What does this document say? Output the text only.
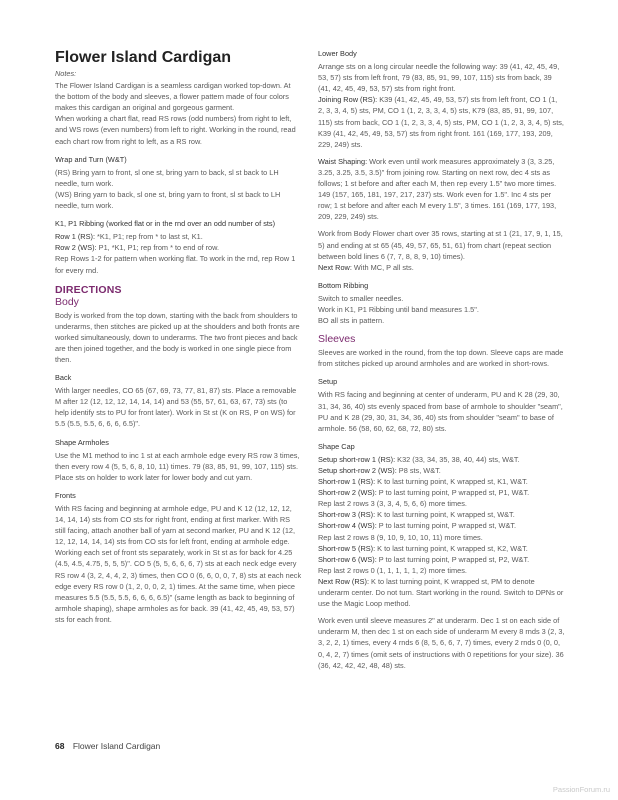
Flower Island Cardigan

Notes:

The Flower Island Cardigan is a seamless cardigan worked top-down. At the bottom of the body and sleeves, a flower pattern made of four colors makes this cardigan an original and gorgeous garment.

When working a chart flat, read RS rows (odd numbers) from right to left, and WS rows (even numbers) from left to right. Working in the round, read each chart row from right to left, as a RS row.

Wrap and Turn (W&T)

(RS) Bring yarn to front, sl one st, bring yarn to back, sl st back to LH needle, turn work.

(WS) Bring yarn to back, sl one st, bring yarn to front, sl st back to LH needle, turn work.

K1, P1 Ribbing (worked flat or in the rnd over an odd number of sts)

Row 1 (RS): *K1, P1; rep from * to last st, K1.

Row 2 (WS): P1, *K1, P1; rep from * to end of row.

Rep Rows 1-2 for pattern when working flat. To work in the rnd, rep Row 1 for every rnd.

DIRECTIONS
Body

Body is worked from the top down, starting with the back from shoulders to underarms, then stitches are picked up at the shoulders and both fronts are worked simultaneously, down to underarms. The two front pieces and back are then joined together, and the body is worked in one single piece from then.

Back

With larger needles, CO 65 (67, 69, 73, 77, 81, 87) sts. Place a removable M after 12 (12, 12, 12, 14, 14, 14) and 53 (55, 57, 61, 63, 67, 73) sts (to help identify sts to PU for front later). Work in St st (K on RS, P on WS) for 5.5 (5.5, 5.5, 6, 6, 6, 6.5)".

Shape Armholes

Use the M1 method to inc 1 st at each armhole edge every RS row 3 times, then every row 4 (5, 5, 6, 8, 10, 11) times. 79 (83, 85, 91, 99, 107, 115) sts.

Place sts on holder to work later for lower body and cut yarn.

Fronts

With RS facing and beginning at armhole edge, PU and K 12 (12, 12, 12, 14, 14, 14) sts from CO sts for right front, ending at first marker. With RS still facing, attach another ball of yarn at second marker, PU and K 12 (12, 12, 12, 14, 14, 14) sts from CO sts for left front, ending at armhole edge. Working each set of front sts separately, work in St st as for back for 4.25 (4.5, 4.5, 4.75, 5, 5, 5)". CO 5 (5, 5, 6, 6, 6, 7) sts at each neck edge every RS row 4 (3, 2, 4, 4, 2, 3) times, then CO 0 (6, 6, 0, 0, 7, 8) sts at each neck edge every RS row 0 (1, 2, 0, 0, 2, 1) times. At the same time, when piece measures 5.5 (5.5, 5.5, 6, 6, 6, 6.5)" (same length as back to beginning of armhole shaping), shape armholes as for back. 39 (41, 42, 45, 49, 53, 57) sts for each front.

Lower Body

Arrange sts on a long circular needle the following way: 39 (41, 42, 45, 49, 53, 57) sts from left front, 79 (83, 85, 91, 99, 107, 115) sts from back, 39 (41, 42, 45, 49, 53, 57) sts from right front.

Joining Row (RS): K39 (41, 42, 45, 49, 53, 57) sts from left front, CO 1 (1, 2, 3, 3, 4, 5) sts, PM, CO 1 (1, 2, 3, 3, 4, 5) sts, K79 (83, 85, 91, 99, 107, 115) sts from back, CO 1 (1, 2, 3, 3, 4, 5) sts, PM, CO 1 (1, 2, 3, 3, 4, 5) sts, K39 (41, 42, 45, 49, 53, 57) sts from right front. 161 (169, 177, 193, 209, 229, 249) sts.

Waist Shaping: Work even until work measures approximately 3 (3, 3.25, 3.25, 3.25, 3.5, 3.5)" from joining row. Starting on next row, dec 4 sts as follows; 1 st before and after each M, then rep every 1.5" two more times. 149 (157, 165, 181, 197, 217, 237) sts. Work even for 1.5". Inc 4 sts per row; 1 st before and after each M every 1.5", 3 times. 161 (169, 177, 193, 209, 229, 249) sts.

Work from Body Flower chart over 35 rows, starting at st 1 (21, 17, 9, 1, 15, 5) and ending at st 65 (45, 49, 57, 65, 51, 61) from chart (repeat section between bold lines 6 (7, 7, 8, 8, 9, 10) times).

Next Row: With MC, P all sts.

Bottom Ribbing

Switch to smaller needles.

Work in K1, P1 Ribbing until band measures 1.5".

BO all sts in pattern.

Sleeves

Sleeves are worked in the round, from the top down. Sleeve caps are made from stitches picked up around armholes and are worked in short-rows.

Setup

With RS facing and beginning at center of underarm, PU and K 28 (29, 30, 31, 34, 36, 40) sts evenly spaced from base of armhole to shoulder "seam", PU and K 28 (29, 30, 31, 34, 36, 40) sts from shoulder "seam" to base of armhole. 56 (58, 60, 62, 68, 72, 80) sts.

Shape Cap

Setup short-row 1 (RS): K32 (33, 34, 35, 38, 40, 44) sts, W&T.

Setup short-row 2 (WS): P8 sts, W&T.

Short-row 1 (RS): K to last turning point, K wrapped st, K1, W&T.

Short-row 2 (WS): P to last turning point, P wrapped st, P1, W&T.

Rep last 2 rows 3 (3, 3, 4, 5, 6, 6) more times.

Short-row 3 (RS): K to last turning point, K wrapped st, W&T.

Short-row 4 (WS): P to last turning point, P wrapped st, W&T.

Rep last 2 rows 8 (9, 10, 9, 10, 10, 11) more times.

Short-row 5 (RS): K to last turning point, K wrapped st, K2, W&T.

Short-row 6 (WS): P to last turning point, P wrapped st, P2, W&T.

Rep last 2 rows 0 (1, 1, 1, 1, 1, 2) more times.

Next Row (RS): K to last turning point, K wrapped st, PM to denote underarm center. Do not turn. Start working in the round. Switch to DPNs or use the Magic Loop method.

Work even until sleeve measures 2" at underarm. Dec 1 st on each side of underarm M, then dec 1 st on each side of underarm M every 8 rnds 3 (2, 3, 3, 2, 2, 1) times, every 4 rnds 6 (8, 5, 6, 6, 7, 7) times, every 2 rnds 0 (0, 0, 0, 4, 2, 7) times (omit sets of instructions with 0 repetitions for your size). 36 (36, 42, 42, 42, 48, 48) sts.

68 Flower Island Cardigan
PassionForum.ru
